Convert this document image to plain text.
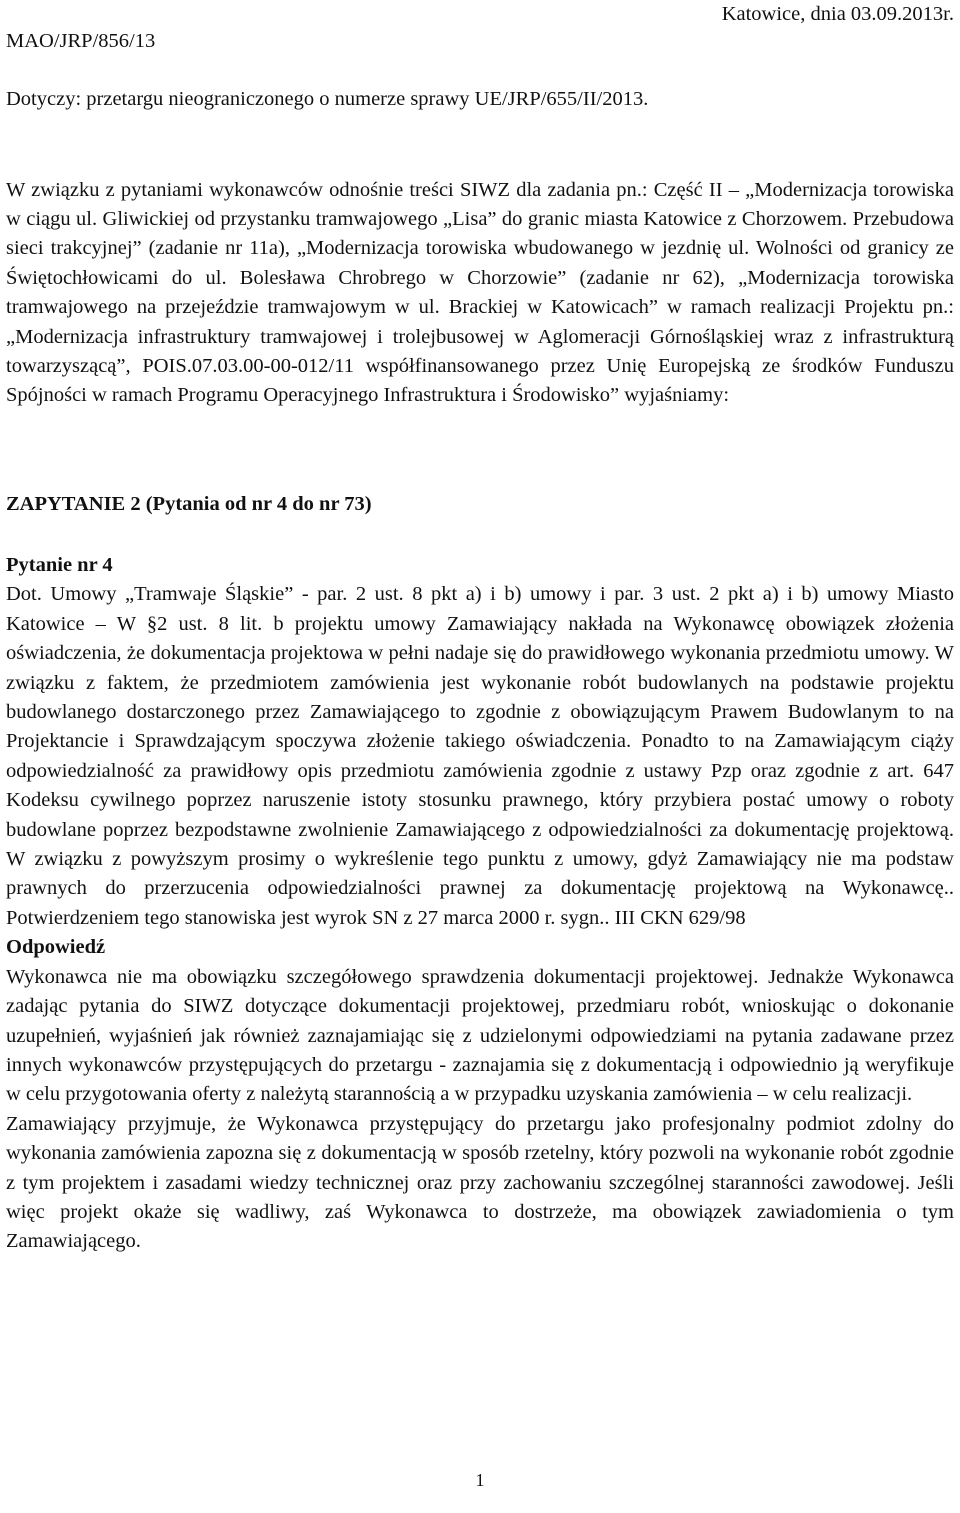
MAO/JRP/856/13
Katowice, dnia 03.09.2013r.
Dotyczy: przetargu nieograniczonego o numerze sprawy UE/JRP/655/II/2013.

W związku z pytaniami wykonawców odnośnie treści SIWZ dla zadania pn.: Część II – „Modernizacja torowiska w ciągu ul. Gliwickiej od przystanku tramwajowego „Lisa” do granic miasta Katowice z Chorzowem. Przebudowa sieci trakcyjnej” (zadanie nr 11a), „Modernizacja torowiska wbudowanego w jezdnię ul. Wolności od granicy ze Świętochłowicami do ul. Bolesława Chrobrego w Chorzowie” (zadanie nr 62), „Modernizacja torowiska tramwajowego na przejeździe tramwajowym w ul. Brackiej w Katowicach” w ramach realizacji Projektu pn.: „Modernizacja infrastruktury tramwajowej i trolejbusowej w Aglomeracji Górnośląskiej wraz z infrastrukturą towarzyszącą”, POIS.07.03.00-00-012/11 współfinansowanego przez Unię Europejską ze środków Funduszu Spójności w ramach Programu Operacyjnego Infrastruktura i Środowisko” wyjaśniamy:

ZAPYTANIE 2 (Pytania od nr 4 do nr 73)

Pytanie nr 4

Dot. Umowy „Tramwaje Śląskie” - par. 2 ust. 8 pkt a) i b) umowy i par. 3 ust. 2 pkt a) i b) umowy Miasto Katowice – W §2 ust. 8 lit. b projektu umowy Zamawiający nakłada na Wykonawcę obowiązek złożenia oświadczenia, że dokumentacja projektowa w pełni nadaje się do prawidłowego wykonania przedmiotu umowy. W związku z faktem, że przedmiotem zamówienia jest wykonanie robót budowlanych na podstawie projektu budowlanego dostarczonego przez Zamawiającego to zgodnie z obowiązującym Prawem Budowlanym to na Projektancie i Sprawdzającym spoczywa złożenie takiego oświadczenia. Ponadto to na Zamawiającym ciąży odpowiedzialność za prawidłowy opis przedmiotu zamówienia zgodnie z ustawy Pzp oraz zgodnie z art. 647 Kodeksu cywilnego poprzez naruszenie istoty stosunku prawnego, który przybiera postać umowy o roboty budowlane poprzez bezpodstawne zwolnienie Zamawiającego z odpowiedzialności za dokumentację projektową. W związku z powyższym prosimy o wykreślenie tego punktu z umowy, gdyż Zamawiający nie ma podstaw prawnych do przerzucenia odpowiedzialności prawnej za dokumentację projektową na Wykonawcę.. Potwierdzeniem tego stanowiska jest wyrok SN z 27 marca 2000 r. sygn.. III CKN 629/98

Odpowiedź

Wykonawca nie ma obowiązku szczegółowego sprawdzenia dokumentacji projektowej. Jednakże Wykonawca zadając pytania do SIWZ dotyczące dokumentacji projektowej, przedmiaru robót, wnioskując o dokonanie uzupełnień, wyjaśnień jak również zaznajamiając się z udzielonymi odpowiedziami na pytania zadawane przez innych wykonawców przystępujących do przetargu - zaznajamia się z dokumentacją i odpowiednio ją weryfikuje w celu przygotowania oferty z należytą starannością a w przypadku uzyskania zamówienia – w celu realizacji.

Zamawiający przyjmuje, że Wykonawca przystępujący do przetargu jako profesjonalny podmiot zdolny do wykonania zamówienia zapozna się z dokumentacją w sposób rzetelny, który pozwoli na wykonanie robót zgodnie z tym projektem i zasadami wiedzy technicznej oraz przy zachowaniu szczególnej staranności zawodowej. Jeśli więc projekt okaże się wadliwy, zaś Wykonawca to dostrzeże, ma obowiązek zawiadomienia o tym Zamawiającego.

1
